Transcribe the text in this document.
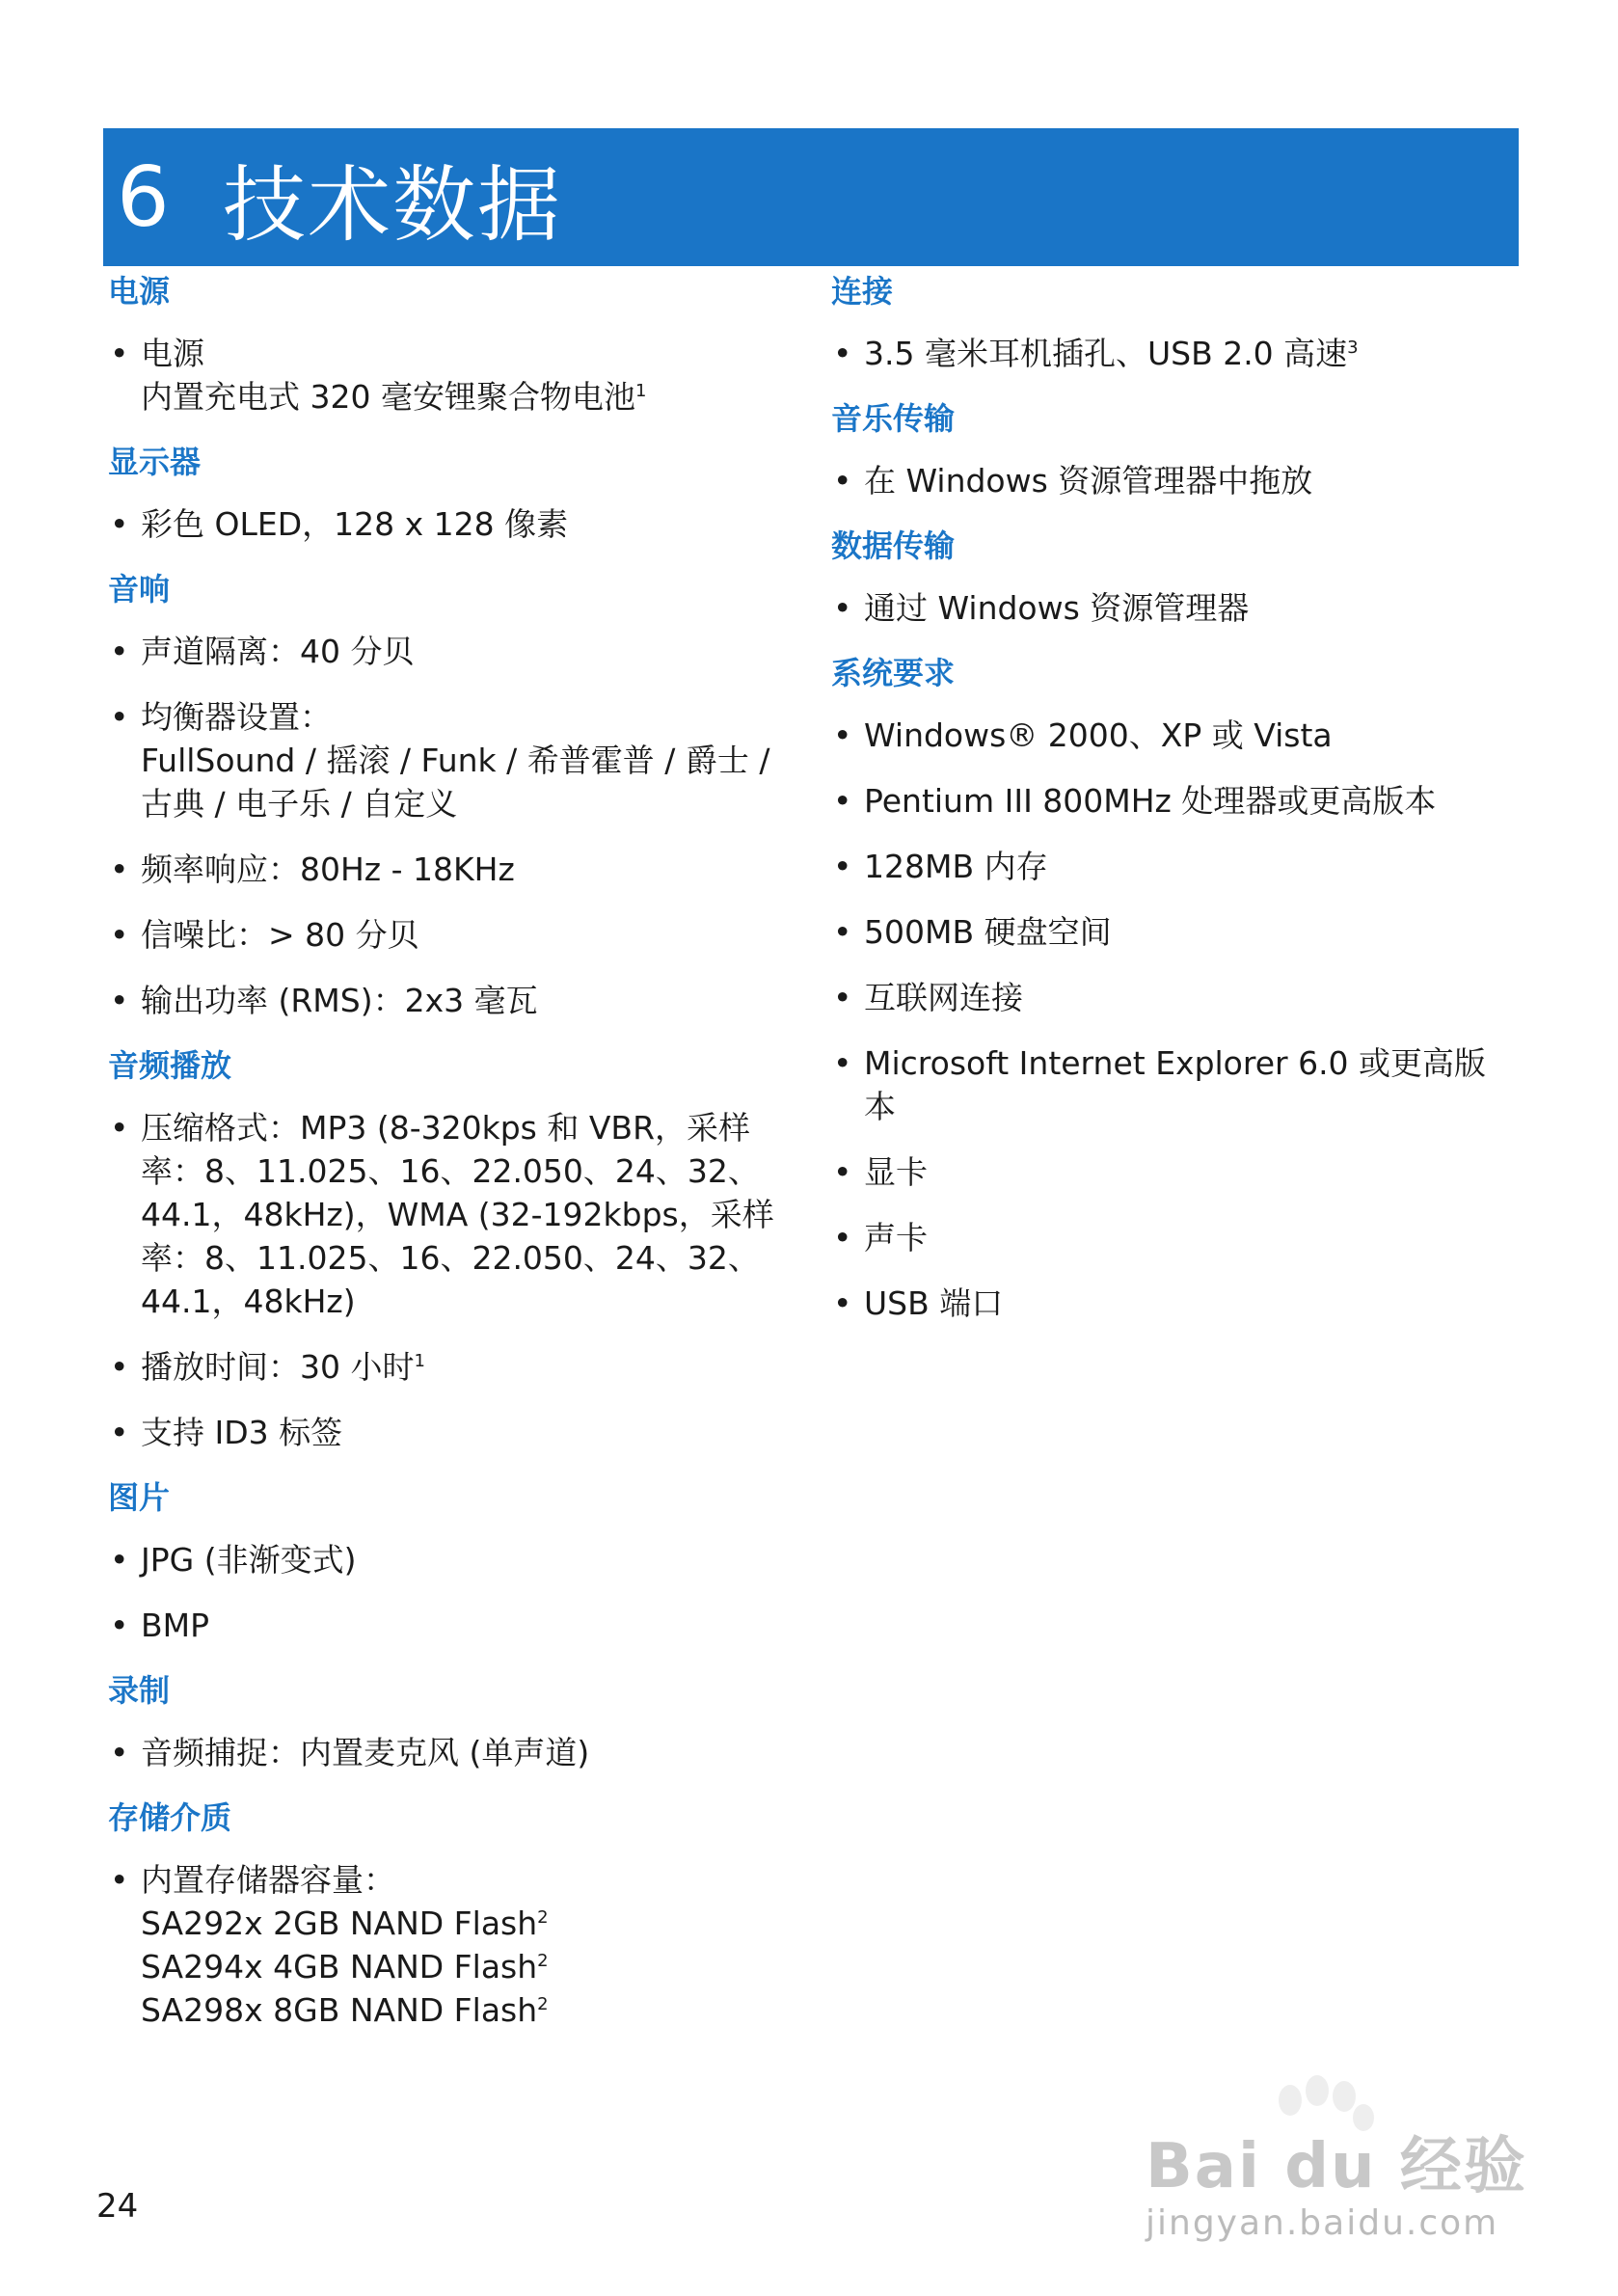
6 技术数据
电源
• 电源
内置充电式 320 毫安锂聚合物电池$^1$
显示器
• 彩色 OLED，128 x 128 像素
音响
• 声道隔离：40 分贝
• 均衡器设置：
FullSound / 摇滚 / Funk / 希普霍普 / 爵士 /
古典 / 电子乐 / 自定义
• 频率响应：80Hz - 18KHz
• 信噪比：> 80 分贝
• 输出功率 (RMS)：2x3 毫瓦
音频播放
• 压缩格式：MP3 (8-320kps 和 VBR，采样
率：8、11.025、16、22.050、24、32、
44.1，48kHz)，WMA (32-192kbps，采样
率：8、11.025、16、22.050、24、32、
44.1，48kHz)
• 播放时间：30 小时$^1$
• 支持 ID3 标签
图片
• JPG (非渐变式)
• BMP
录制
• 音频捕捉：内置麦克风 (单声道)
存储介质
• 内置存储器容量：
SA292x 2GB NAND Flash$^2$
SA294x 4GB NAND Flash$^2$
SA298x 8GB NAND Flash$^2$
连接
• 3.5 毫米耳机插孔、USB 2.0 高速$^3$
音乐传输
• 在 Windows 资源管理器中拖放
数据传输
• 通过 Windows 资源管理器
系统要求
• Windows® 2000、XP 或 Vista
• Pentium III 800MHz 处理器或更高版本
• 128MB 内存
• 500MB 硬盘空间
• 互联网连接
• Microsoft Internet Explorer 6.0 或更高版
本
• 显卡
• 声卡
• USB 端口
24
Bai du 经验
jingyan.baidu.com
